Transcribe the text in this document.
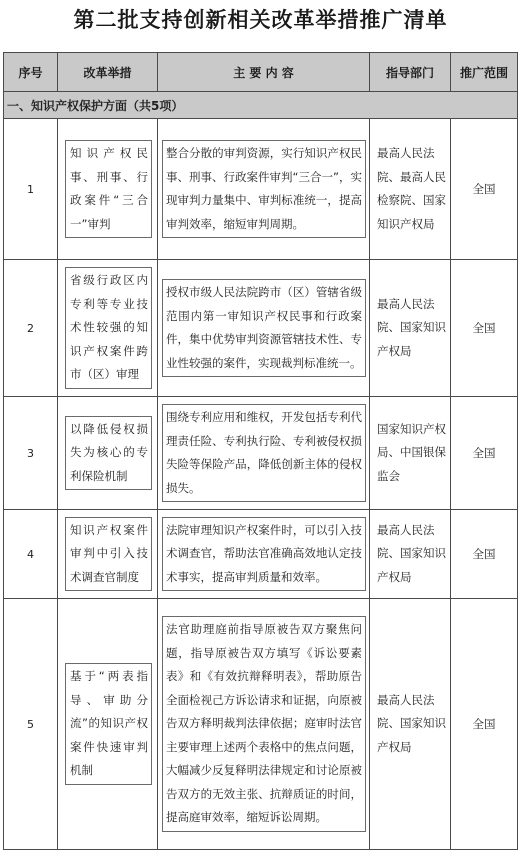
第二批支持创新相关改革举措推广清单
序号	改革举措	主 要 内 容	指导部门	推广范围
一、知识产权保护方面（共5项）				
1	知识产权民事、刑事、行政案件“三合一”审判	整合分散的审判资源，实行知识产权民事、刑事、行政案件审判“三合一”，实现审判力量集中、审判标准统一，提高审判效率，缩短审判周期。	最高人民法院、最高人民检察院、国家知识产权局	全国
2	省级行政区内专利等专业技术性较强的知识产权案件跨市（区）审理	授权市级人民法院跨市（区）管辖省级范围内第一审知识产权民事和行政案件，集中优势审判资源管辖技术性、专业性较强的案件，实现裁判标准统一。	最高人民法院、国家知识产权局	全国
3	以降低侵权损失为核心的专利保险机制	围绕专利应用和维权，开发包括专利代理责任险、专利执行险、专利被侵权损失险等保险产品，降低创新主体的侵权损失。	国家知识产权局、中国银保监会	全国
4	知识产权案件审判中引入技术调查官制度	法院审理知识产权案件时，可以引入技术调查官，帮助法官准确高效地认定技术事实，提高审判质量和效率。	最高人民法院、国家知识产权局	全国
5	基于“两表指导、审助分流”的知识产权案件快速审判机制	法官助理庭前指导原被告双方聚焦问题，指导原被告双方填写《诉讼要素表》和《有效抗辩释明表》，帮助原告全面检视己方诉讼请求和证据，向原被告双方释明裁判法律依据；庭审时法官主要审理上述两个表格中的焦点问题，大幅减少反复释明法律规定和讨论原被告双方的无效主张、抗辩质证的时间，提高庭审效率，缩短诉讼周期。	最高人民法院、国家知识产权局	全国
